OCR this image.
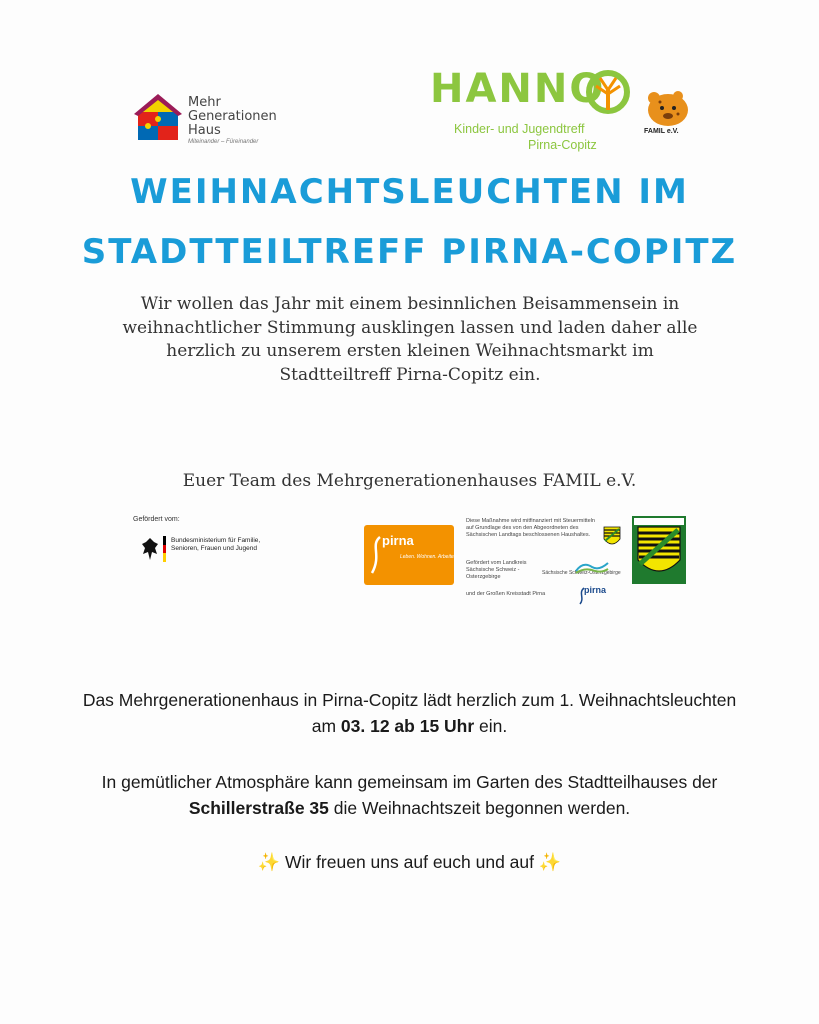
Mehr
Generationen
Haus
Miteinander – Füreinander
HANNO
Kinder- und Jugendtreff
Pirna-Copitz
FAMIL e.V.
WEIHNACHTSLEUCHTEN IM
STADTTEILTREFF PIRNA-COPITZ
Wir wollen das Jahr mit einem besinnlichen Beisammensein in weihnachtlicher Stimmung ausklingen lassen und laden daher alle herzlich zu unserem ersten kleinen Weihnachtsmarkt im Stadtteiltreff Pirna-Copitz ein.
Euer Team des Mehrgenerationenhauses FAMIL e.V.
Gefördert vom:
Bundesministerium für Familie, Senioren, Frauen und Jugend
pirna
Leben. Wohnen. Arbeiten.
Diese Maßnahme wird mitfinanziert mit Steuermitteln auf Grundlage des von den Abgeordneten des Sächsischen Landtags beschlossenen Haushaltes.
Gefördert vom Landkreis Sächsische Schweiz - Osterzgebirge
und der Großen Kreisstadt Pirna
Sächsische Schweiz-Osterzgebirge
pirna
Das Mehrgenerationenhaus in Pirna-Copitz lädt herzlich zum 1. Weihnachtsleuchten
am 03. 12 ab 15 Uhr ein.
In gemütlicher Atmosphäre kann gemeinsam im Garten des Stadtteilhauses der
Schillerstraße 35 die Weihnachtszeit begonnen werden.
✨ Wir freuen uns auf euch und auf ✨
